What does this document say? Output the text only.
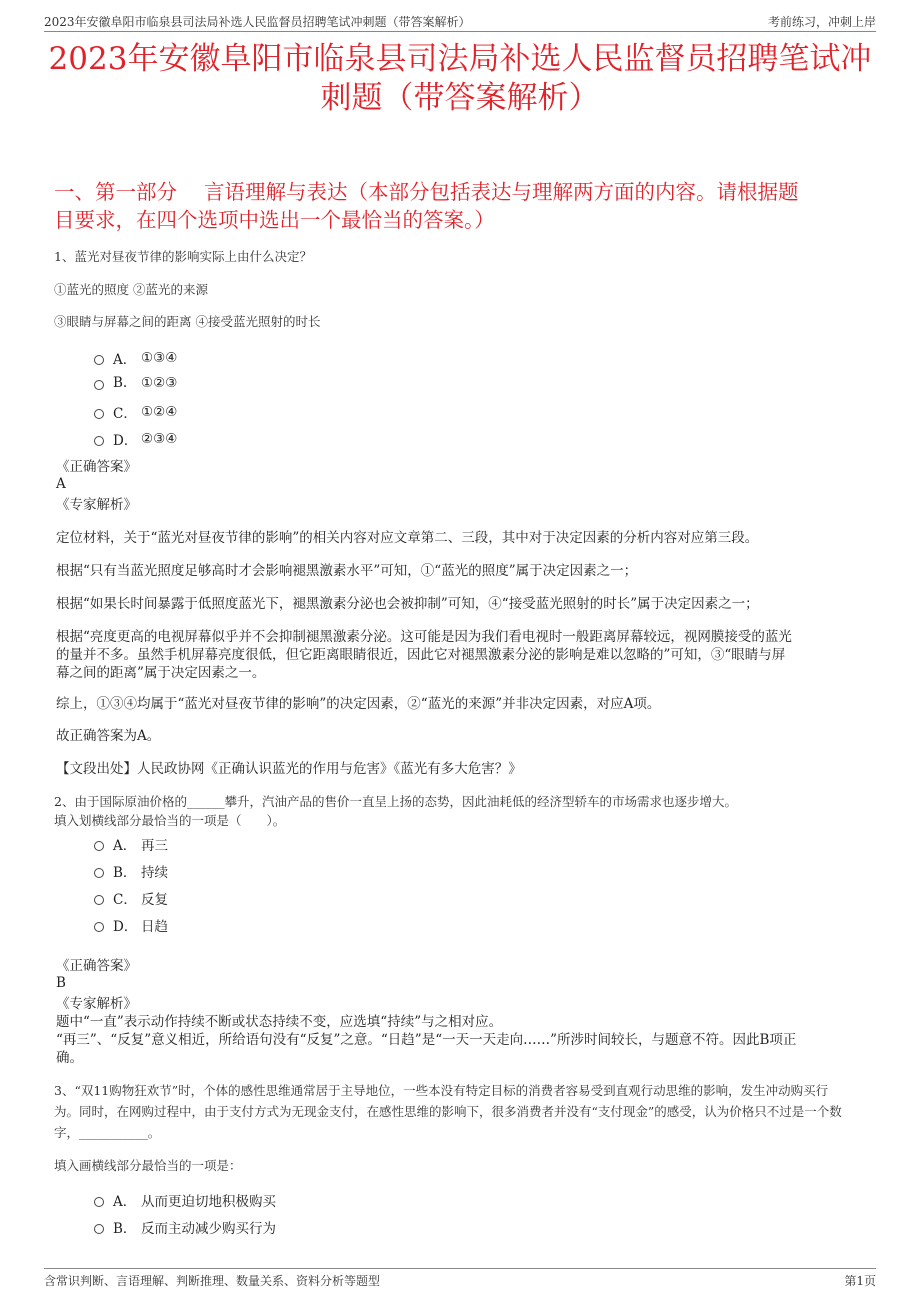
2023年安徽阜阳市临泉县司法局补选人民监督员招聘笔试冲刺题（带答案解析）	考前练习，冲刺上岸
2023年安徽阜阳市临泉县司法局补选人民监督员招聘笔试冲
刺题（带答案解析）
一、第一部分　 言语理解与表达（本部分包括表达与理解两方面的内容。请根据题
目要求，在四个选项中选出一个最恰当的答案。）
1、蓝光对昼夜节律的影响实际上由什么决定？
①蓝光的照度 ②蓝光的来源
③眼睛与屏幕之间的距离 ④接受蓝光照射的时长
A． ①③④
B.	①②③
C． ①②④
D． ②③④
《正确答案》
A
《专家解析》
定位材料，关于“蓝光对昼夜节律的影响”的相关内容对应文章第二、三段，其中对于决定因素的分析内容对应第三段。
根据“只有当蓝光照度足够高时才会影响褪黑激素水平”可知，①“蓝光的照度”属于决定因素之一；
根据“如果长时间暴露于低照度蓝光下，褪黑激素分泌也会被抑制”可知，④“接受蓝光照射的时长”属于决定因素之一；
根据“亮度更高的电视屏幕似乎并不会抑制褪黑激素分泌。这可能是因为我们看电视时一般距离屏幕较远，视网膜接受的蓝光
的量并不多。虽然手机屏幕亮度很低，但它距离眼睛很近，因此它对褪黑激素分泌的影响是难以忽略的”可知，③“眼睛与屏
幕之间的距离”属于决定因素之一。
综上，①③④均属于“蓝光对昼夜节律的影响”的决定因素，②“蓝光的来源”并非决定因素，对应A项。
故正确答案为A。
【文段出处】人民政协网《正确认识蓝光的作用与危害》《蓝光有多大危害？》
2、由于国际原油价格的______攀升，汽油产品的售价一直呈上扬的态势，因此油耗低的经济型轿车的市场需求也逐步增大。
填入划横线部分最恰当的一项是（　　）。
A． 再三
B． 持续
C． 反复
D． 日趋
《正确答案》
B
《专家解析》
题中“一直”表示动作持续不断或状态持续不变，应选填“持续”与之相对应。
“再三”、“反复”意义相近，所给语句没有“反复”之意。“日趋”是“一天一天走向……”所涉时间较长，与题意不符。因此B项正
确。
3、“双11购物狂欢节”时，个体的感性思维通常居于主导地位，一些本没有特定目标的消费者容易受到直观行动思维的影响，发生冲动购买行
为。同时，在网购过程中，由于支付方式为无现金支付，在感性思维的影响下，很多消费者并没有“支付现金”的感受，认为价格只不过是一个数
字，___________。
填入画横线部分最恰当的一项是：
A． 从而更迫切地积极购买
B． 反而主动减少购买行为
含常识判断、言语理解、判断推理、数量关系、资料分析等题型	第1页
